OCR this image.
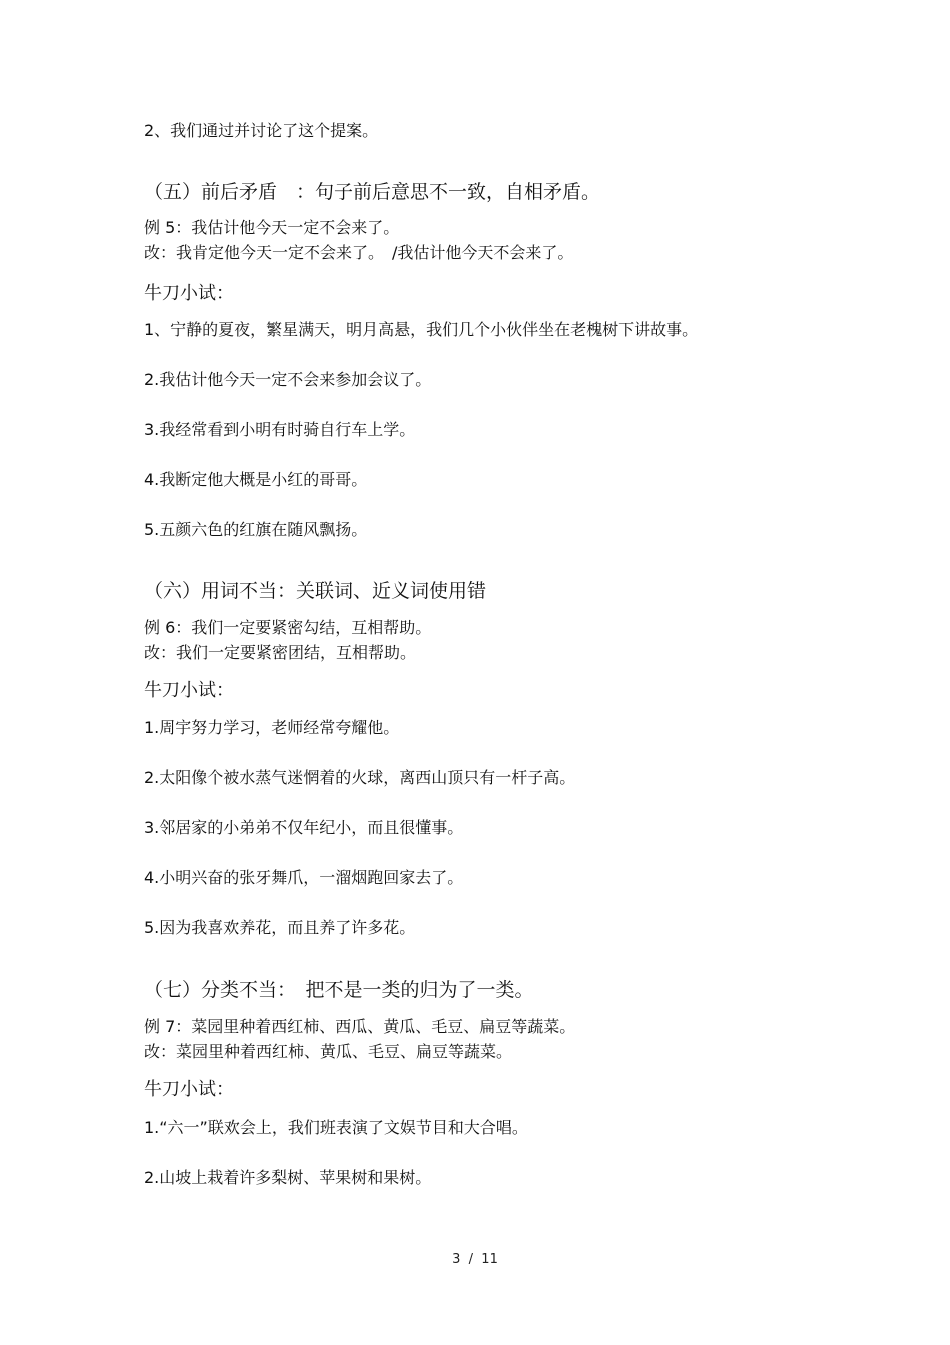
2、我们通过并讨论了这个提案。
（五）前后矛盾　：句子前后意思不一致，自相矛盾。
例 5：我估计他今天一定不会来了。
改：我肯定他今天一定不会来了。　/我估计他今天不会来了。
牛刀小试：
1、宁静的夏夜，繁星满天，明月高悬，我们几个小伙伴坐在老槐树下讲故事。
2.我估计他今天一定不会来参加会议了。
3.我经常看到小明有时骑自行车上学。
4.我断定他大概是小红的哥哥。
5.五颜六色的红旗在随风飘扬。
（六）用词不当：关联词、近义词使用错
例 6：我们一定要紧密勾结，互相帮助。
改：我们一定要紧密团结，互相帮助。
牛刀小试：
1.周宇努力学习，老师经常夸耀他。
2.太阳像个被水蒸气迷惘着的火球，离西山顶只有一杆子高。
3.邻居家的小弟弟不仅年纪小，而且很懂事。
4.小明兴奋的张牙舞爪，一溜烟跑回家去了。
5.因为我喜欢养花，而且养了许多花。
（七）分类不当：　把不是一类的归为了一类。
例 7：菜园里种着西红柿、西瓜、黄瓜、毛豆、扁豆等蔬菜。
改：菜园里种着西红柿、黄瓜、毛豆、扁豆等蔬菜。
牛刀小试：
1.“六一”联欢会上，我们班表演了文娱节目和大合唱。
2.山坡上栽着许多梨树、苹果树和果树。
3  /  11
